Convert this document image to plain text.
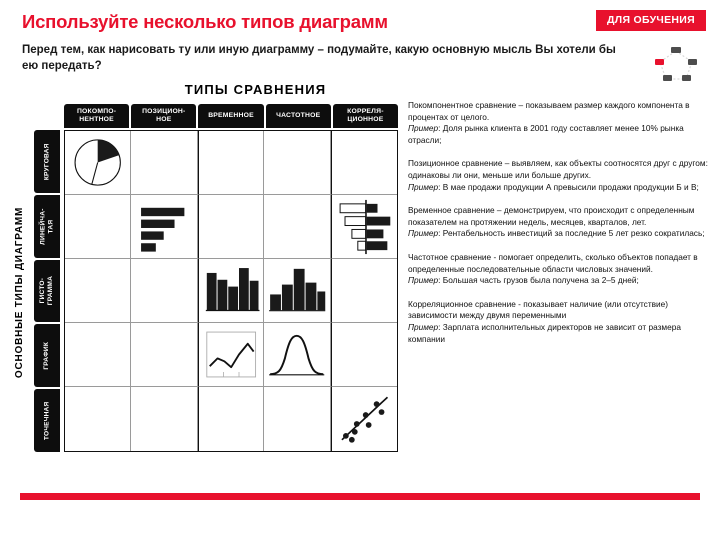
Используйте несколько типов диаграмм
Перед тем, как нарисовать ту или иную диаграмму – подумайте, какую основную мысль Вы хотели бы ею передать?
ДЛЯ ОБУЧЕНИЯ
ТИПЫ СРАВНЕНИЯ
ПОКОМПО-
НЕНТНОЕ
ПОЗИЦИОН-
НОЕ
ВРЕМЕННОЕ	ЧАСТОТНОЕ
КОРРЕЛЯ-
ЦИОННОЕ
ОСНОВНЫЕ ТИПЫ ДИАГРАММ
КРУГОВАЯ
ЛИНЕЙЧА-
ТАЯ
ГИСТО-
ГРАММА
ГРАФИК
ТОЧЕЧНАЯ
Покомпонентное сравнение – показываем размер каждого компонента в процентах от целого.
Пример: Доля рынка клиента в 2001 году составляет менее 10% рынка отрасли;
Позиционное сравнение – выявляем, как объекты соотносятся друг с другом: одинаковы ли они, меньше или больше других.
Пример: В мае продажи продукции А превысили продажи продукции Б и В;
Временное сравнение – демонстрируем, что происходит с определенным показателем на протяжении недель, месяцев, кварталов, лет.
Пример: Рентабельность инвестиций за последние 5 лет резко сократилась;
Частотное сравнение - помогает определить, сколько объектов попадает в определенные последовательные области числовых значений.
Пример: Большая часть грузов была получена за 2–5 дней;
Корреляционное сравнение - показывает наличие (или отсутствие) зависимости между двумя переменными
Пример: Зарплата исполнительных директоров не зависит от размера компании
